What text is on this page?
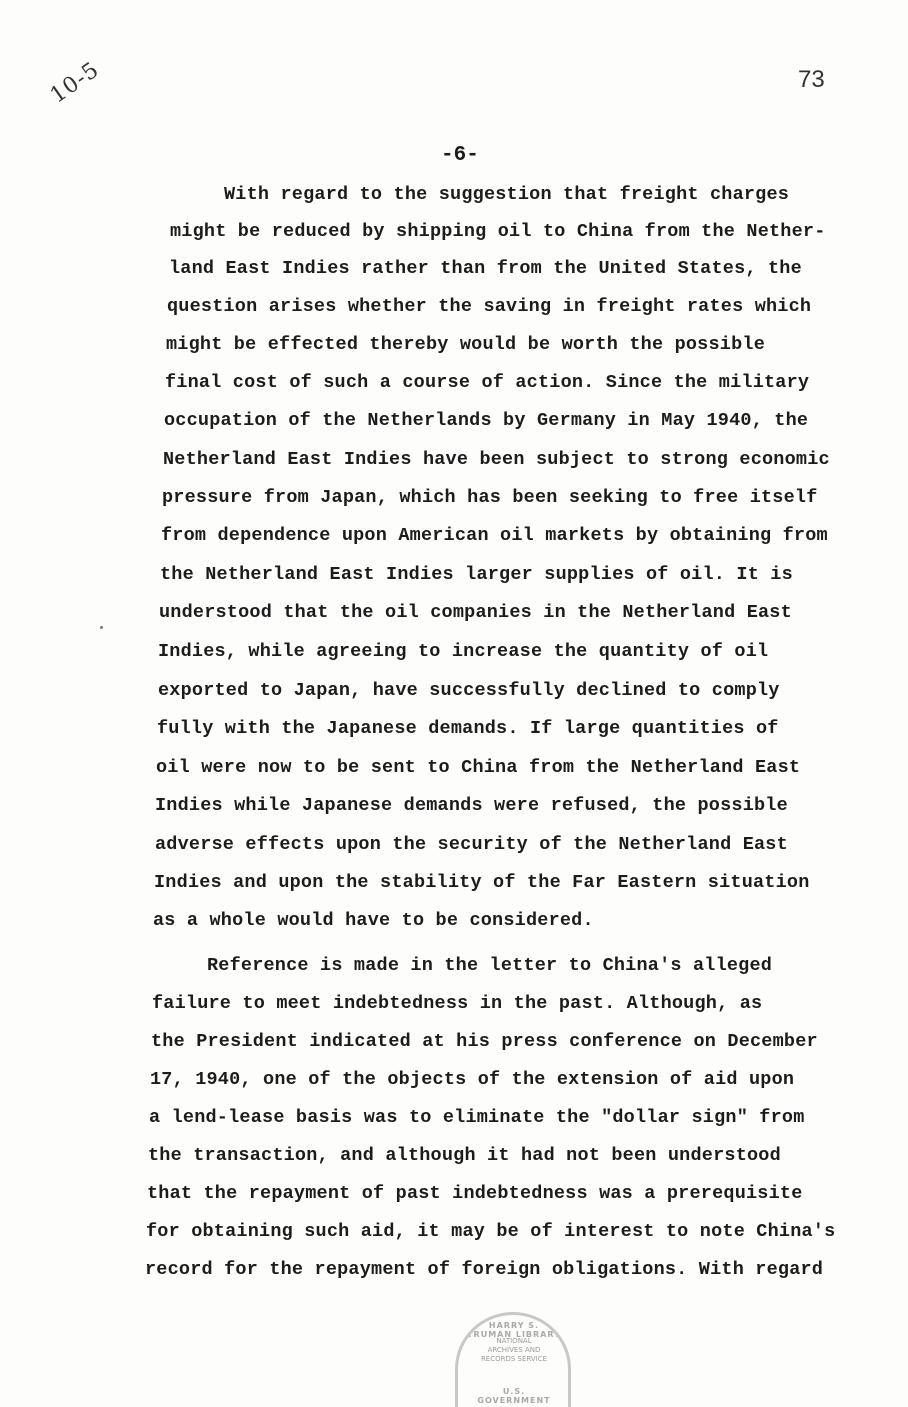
10-5	73
-6-
With regard to the suggestion that freight charges
might be reduced by shipping oil to China from the Nether-
land East Indies rather than from the United States, the
question arises whether the saving in freight rates which
might be effected thereby would be worth the possible
final cost of such a course of action. Since the military
occupation of the Netherlands by Germany in May 1940, the
Netherland East Indies have been subject to strong economic
pressure from Japan, which has been seeking to free itself
from dependence upon American oil markets by obtaining from
the Netherland East Indies larger supplies of oil. It is
understood that the oil companies in the Netherland East
Indies, while agreeing to increase the quantity of oil
exported to Japan, have successfully declined to comply
fully with the Japanese demands. If large quantities of
oil were now to be sent to China from the Netherland East
Indies while Japanese demands were refused, the possible
adverse effects upon the security of the Netherland East
Indies and upon the stability of the Far Eastern situation
as a whole would have to be considered.
Reference is made in the letter to China's alleged
failure to meet indebtedness in the past. Although, as
the President indicated at his press conference on December
17, 1940, one of the objects of the extension of aid upon
a lend-lease basis was to eliminate the "dollar sign" from
the transaction, and although it had not been understood
that the repayment of past indebtedness was a prerequisite
for obtaining such aid, it may be of interest to note China's
record for the repayment of foreign obligations. With regard
HARRY S. TRUMAN LIBRARY
NATIONAL ARCHIVES AND RECORDS SERVICE
U.S. GOVERNMENT
